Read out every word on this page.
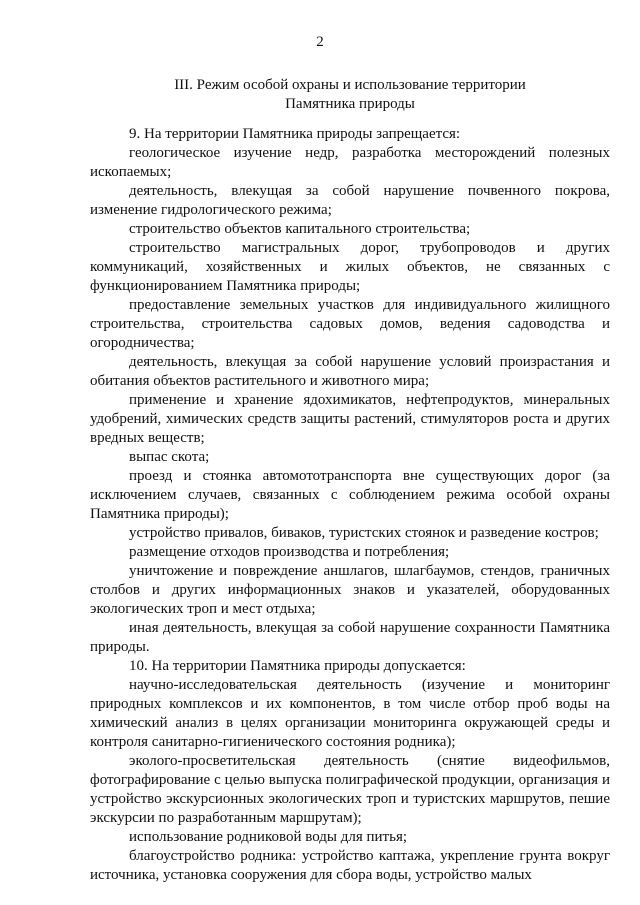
2
III. Режим особой охраны и использование территории
Памятника природы

9. На территории Памятника природы запрещается:

геологическое изучение недр, разработка месторождений полезных ископаемых;

деятельность, влекущая за собой нарушение почвенного покрова, изменение гидрологического режима;

строительство объектов капитального строительства;

строительство магистральных дорог, трубопроводов и других коммуникаций, хозяйственных и жилых объектов, не связанных с функционированием Памятника природы;

предоставление земельных участков для индивидуального жилищного строительства, строительства садовых домов, ведения садоводства и огородничества;

деятельность, влекущая за собой нарушение условий произрастания и обитания объектов растительного и животного мира;

применение и хранение ядохимикатов, нефтепродуктов, минеральных удобрений, химических средств защиты растений, стимуляторов роста и других вредных веществ;

выпас скота;

проезд и стоянка автомототранспорта вне существующих дорог (за исключением случаев, связанных с соблюдением режима особой охраны Памятника природы);

устройство привалов, биваков, туристских стоянок и разведение костров;

размещение отходов производства и потребления;

уничтожение и повреждение аншлагов, шлагбаумов, стендов, граничных столбов и других информационных знаков и указателей, оборудованных экологических троп и мест отдыха;

иная деятельность, влекущая за собой нарушение сохранности Памятника природы.

10. На территории Памятника природы допускается:

научно-исследовательская деятельность (изучение и мониторинг природных комплексов и их компонентов, в том числе отбор проб воды на химический анализ в целях организации мониторинга окружающей среды и контроля санитарно-гигиенического состояния родника);

эколого-просветительская деятельность (снятие видеофильмов, фотографирование с целью выпуска полиграфической продукции, организация и устройство экскурсионных экологических троп и туристских маршрутов, пешие экскурсии по разработанным маршрутам);

использование родниковой воды для питья;

благоустройство родника: устройство каптажа, укрепление грунта вокруг источника, установка сооружения для сбора воды, устройство малых
